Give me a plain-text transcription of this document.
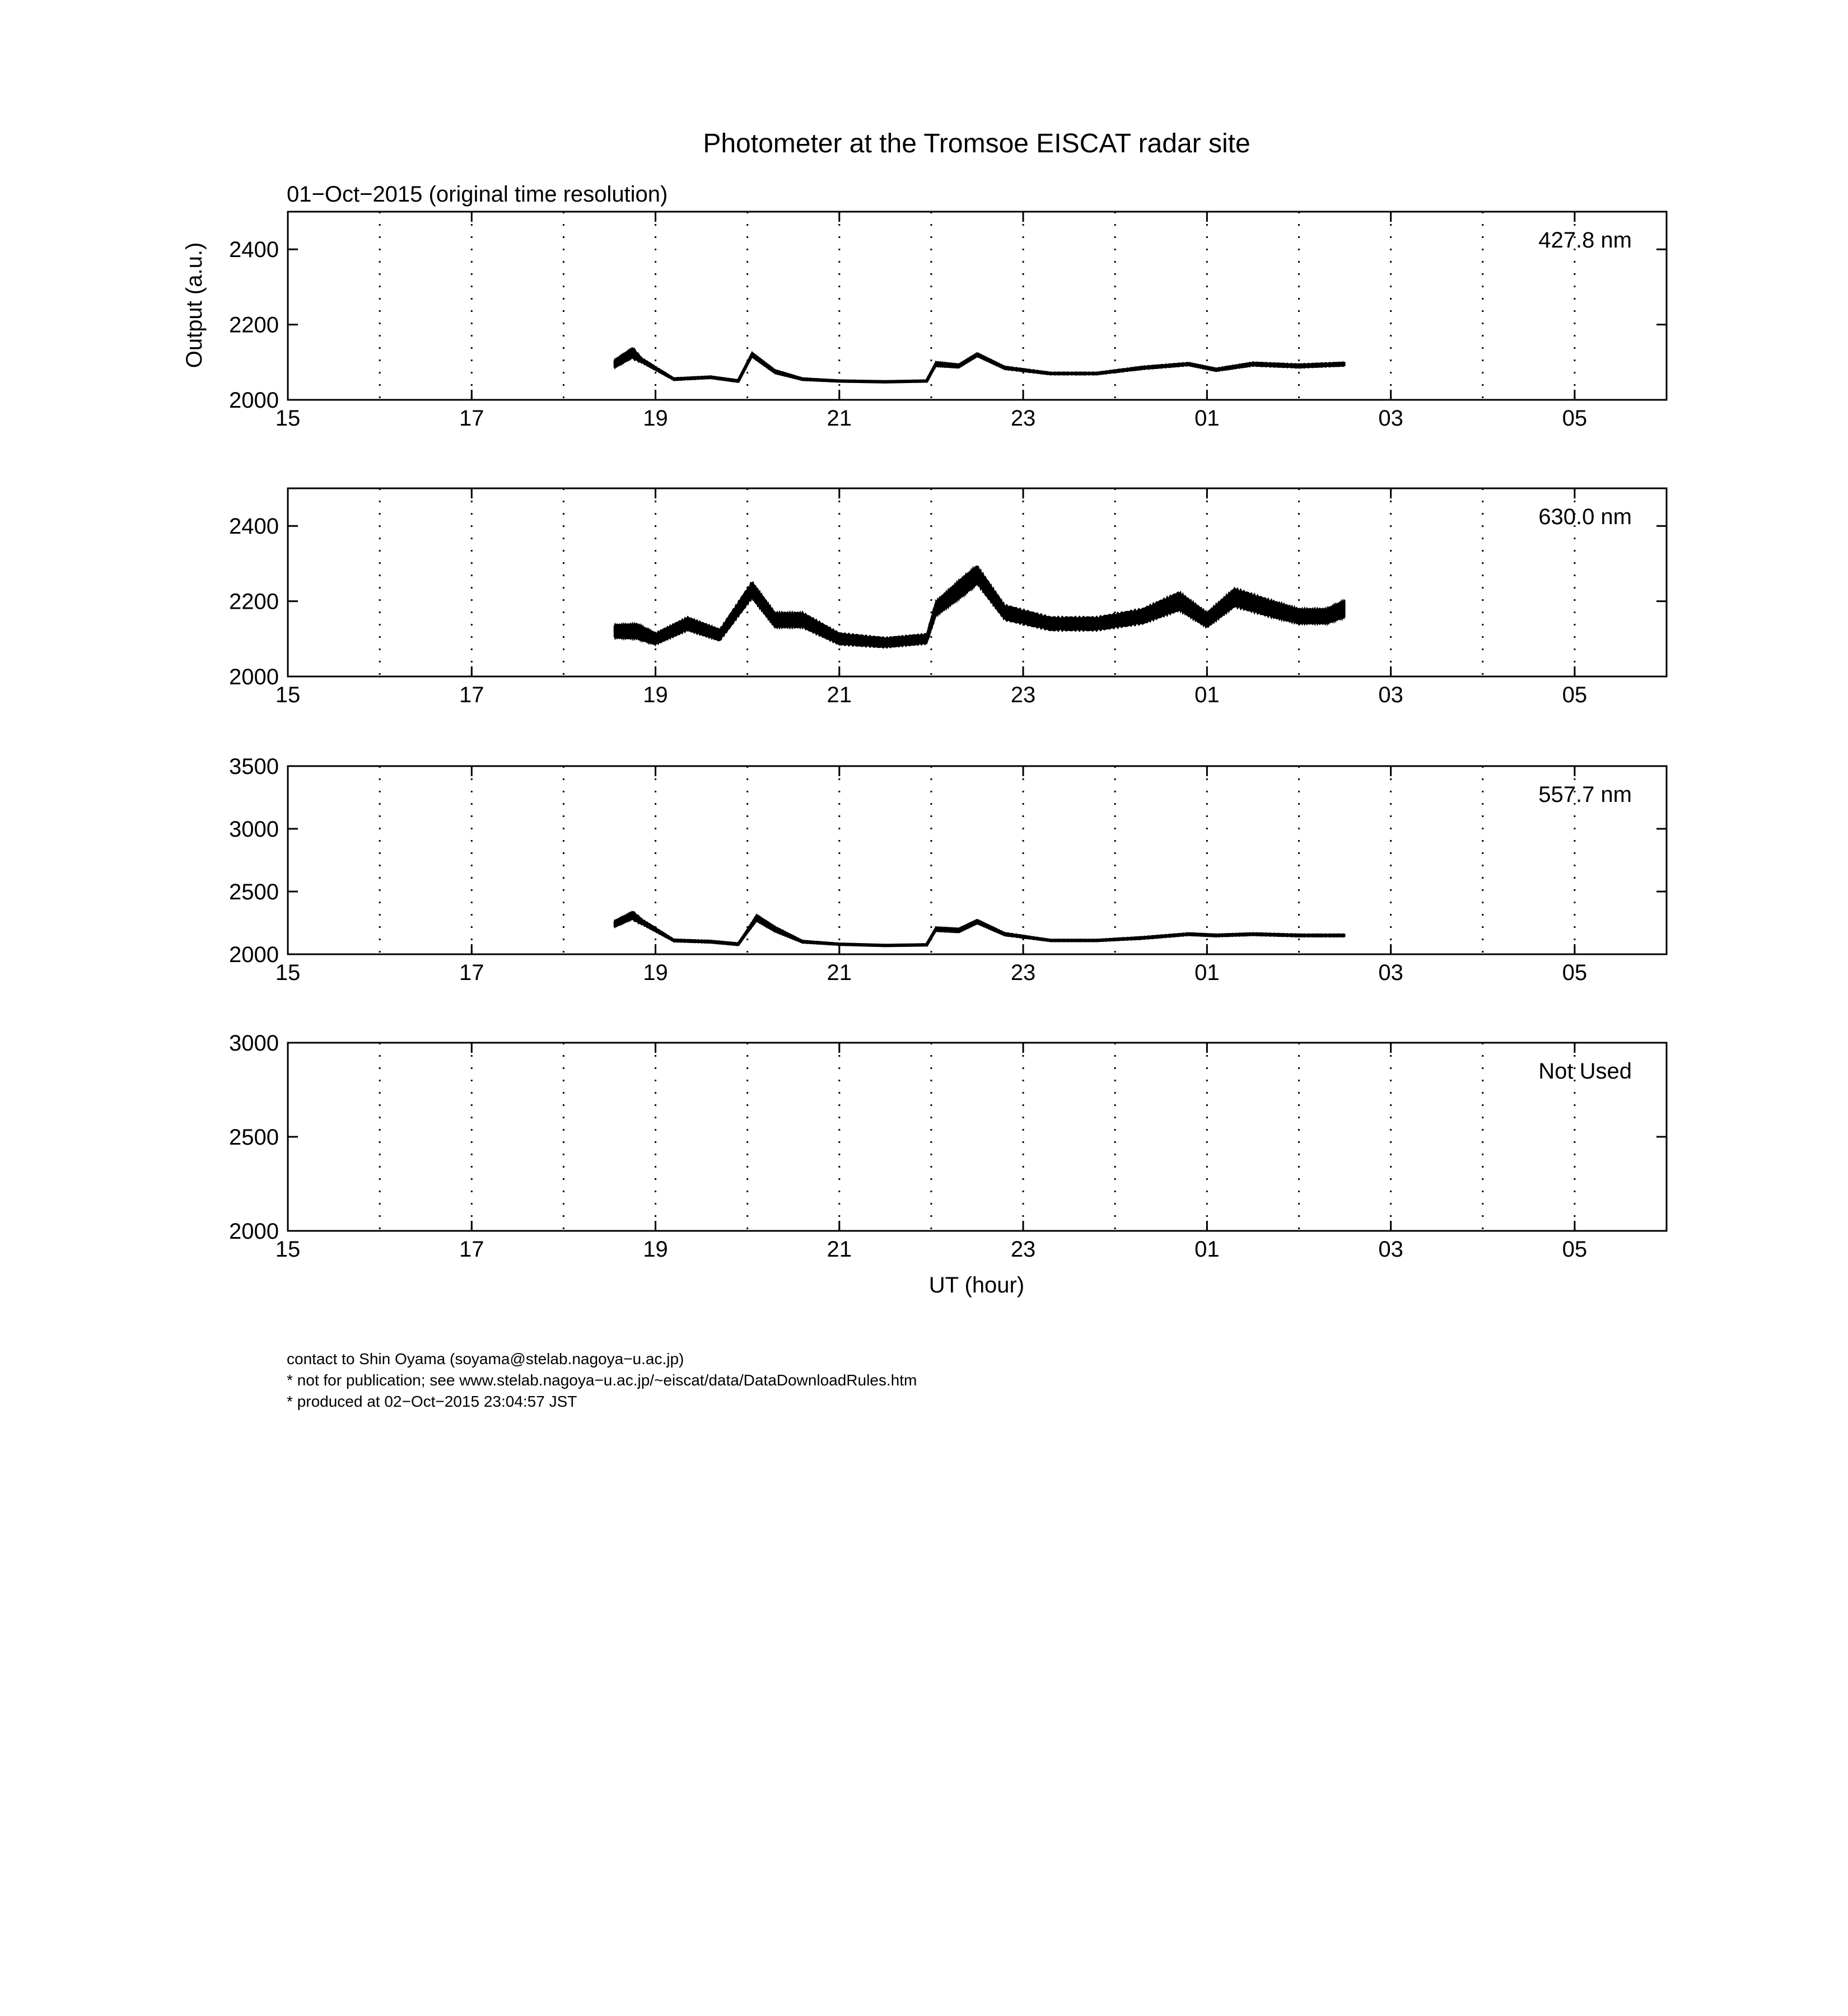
Photometer at the Tromsoe EISCAT radar site
01−Oct−2015 (original time resolution)
Output (a.u.)
15	17	19	21	23	01	03	05
2000
2200
2400	427.8 nm
15	17	19	21	23	01	03	05
2000
2200
2400	630.0 nm
15	17	19	21	23	01	03	05
2000
2500
3000
3500
557.7 nm
15	17	19	21	23	01	03	05
2000
2500
3000
Not Used
UT (hour)
contact to Shin Oyama (soyama@stelab.nagoya−u.ac.jp)
* not for publication; see www.stelab.nagoya−u.ac.jp/~eiscat/data/DataDownloadRules.htm
* produced at 02−Oct−2015 23:04:57 JST
